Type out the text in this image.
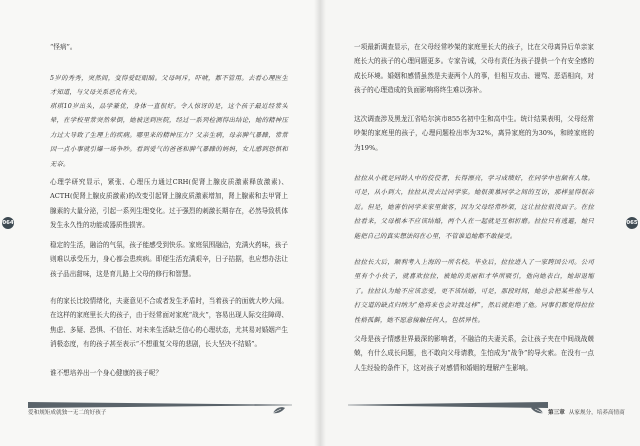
“怪病”。

5岁的秀秀，突然间，变得爱眨眼睛。父母呵斥，吓唬，都不管用。去看心理医生才知道，与父母关系恶化有关。

琪琪10岁出头，品学兼优，身体一直很好。令人惊讶的是，这个孩子最近经常头晕，在学校里常突然晕倒，她被送到医院，经过一系列检测得出结论，她的精神压力过大导致了生理上的疾病。哪里来的精神压力？父亲生病，母亲脾气暴躁，常常因一点小事就引爆一场争吵。看到爱气的爸爸和脾气暴躁的妈妈，女儿感到恐惧和无奈。

心理学研究显示，紧张、心理压力通过CRH(促肾上腺皮质激素释放激素)、ACTH(促肾上腺皮质激素)的改变引起肾上腺皮质激素增加，肾上腺素和去甲肾上腺素的大量分泌，引起一系列生理变化。过于强烈的刺激长期存在，必然导致机体发生永久性的功能或器质性损害。

稳定的生活，融洽的气氛，孩子能感受到快乐。家庭氛围融洽，充满火药味，孩子则难以承受压力，身心都会患疾病。即便生活充满艰辛，日子拮据，也应想办法让孩子品出甜味，这是育儿路上父母的修行和智慧。

有的家长比较情绪化，夫妻意见不合或者发生矛盾时，当着孩子的面就大吵大闹。在这样的家庭里长大的孩子，由于经常面对家庭“战火”，容易出现人际交往障碍、焦虑、多疑、恐惧、不信任、对未来生活缺乏信心的心理状态，尤其易对婚姻产生消极态度，有的孩子甚至表示“不想重复父母的悲剧，长大坚决不结婚”。

谁不想培养出一个身心健康的孩子呢？

064
爱和规矩成就独一无二的好孩子

一项最新调查显示，在父母经常吵架的家庭里长大的孩子，比在父母离异后单亲家庭长大的孩子的心理问题更多。专家告诫，父母有责任为孩子提供一个有安全感的成长环境。婚姻和感情虽然是夫妻两个人的事，但相互攻击、谩骂、恶语相向，对孩子的心理造成的负面影响将终生难以弥补。

这次调查涉及黑龙江省哈尔滨市855名初中生和高中生。统计结果表明，父母经常吵架的家庭里的孩子，心理问题检出率为32%，离异家庭的为30%，和睦家庭的为19%。

拉拉从小就是同龄人中的佼佼者，长得漂亮，学习成绩好，在同学中也颇有人缘。可是，从小到大，拉拉从没去过同学家。她很羡慕同学之间的互访，那样显得很亲近。但是，她害怕同学来家里做客，因为父母经常吵架，这让拉拉很没面子。在拉拉看来，父母根本不应该结婚，两个人在一起就是互相折磨。拉拉只有逃避，她只能把自己的真实想法闷在心里，不管谁追她都不敢接受。

拉拉长大后，顺利考入上海的一所名校。毕业后，拉拉进入了一家跨国公司。公司里有个小伙子，就喜欢拉拉，被她的美丽和才华所吸引，他向她表白，她却退缩了。拉拉认为她不应该恋爱，更不该结婚，可是，那段时间，她总会把某些他与人打交道的缺点归纳为“他将来也会对我这样”，然后就拒绝了他。同事们都觉得拉拉性格孤僻，她不愿意接触任何人，包括异性。

父母是孩子情感世界最深的影响者，不融洽的夫妻关系，会让孩子夹在中间战战兢兢，有什么成长问题，也不敢向父母请教，生怕成为“战争”的导火索。在没有一点人生经验的条件下，这对孩子对感情和婚姻的理解产生影响。

065
第三章 从家规分，培养高情商
